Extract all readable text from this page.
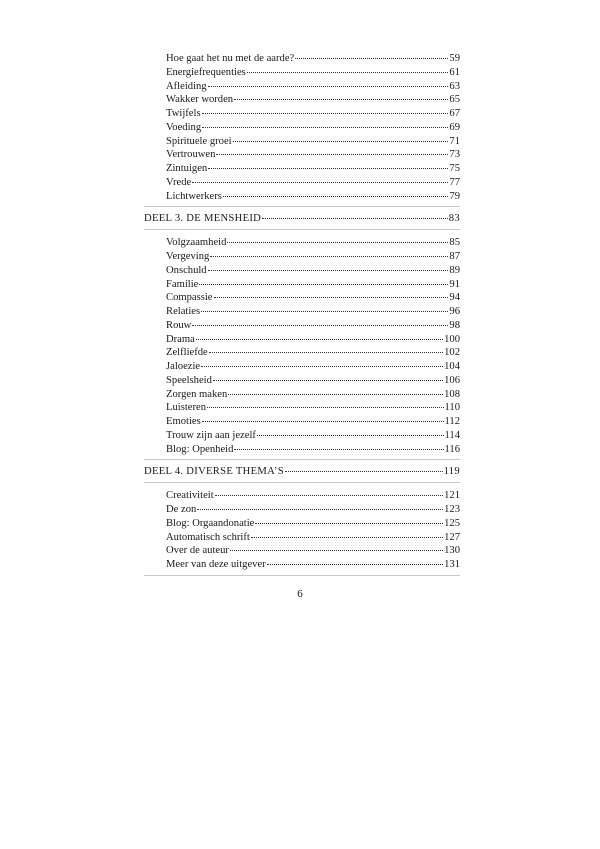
Hoe gaat het nu met de aarde?	59
Energiefrequenties	61
Afleiding	63
Wakker worden	65
Twijfels	67
Voeding	69
Spirituele groei	71
Vertrouwen	73
Zintuigen	75
Vrede	77
Lichtwerkers	79
DEEL 3. DE MENSHEID	83
Volgzaamheid	85
Vergeving	87
Onschuld	89
Familie	91
Compassie	94
Relaties	96
Rouw	98
Drama	100
Zelfliefde	102
Jaloezie	104
Speelsheid	106
Zorgen maken	108
Luisteren	110
Emoties	112
Trouw zijn aan jezelf	114
Blog: Openheid	116
DEEL 4. DIVERSE THEMA’S	119
Creativiteit	121
De zon	123
Blog: Orgaandonatie	125
Automatisch schrift	127
Over de auteur	130
Meer van deze uitgever	131
6
